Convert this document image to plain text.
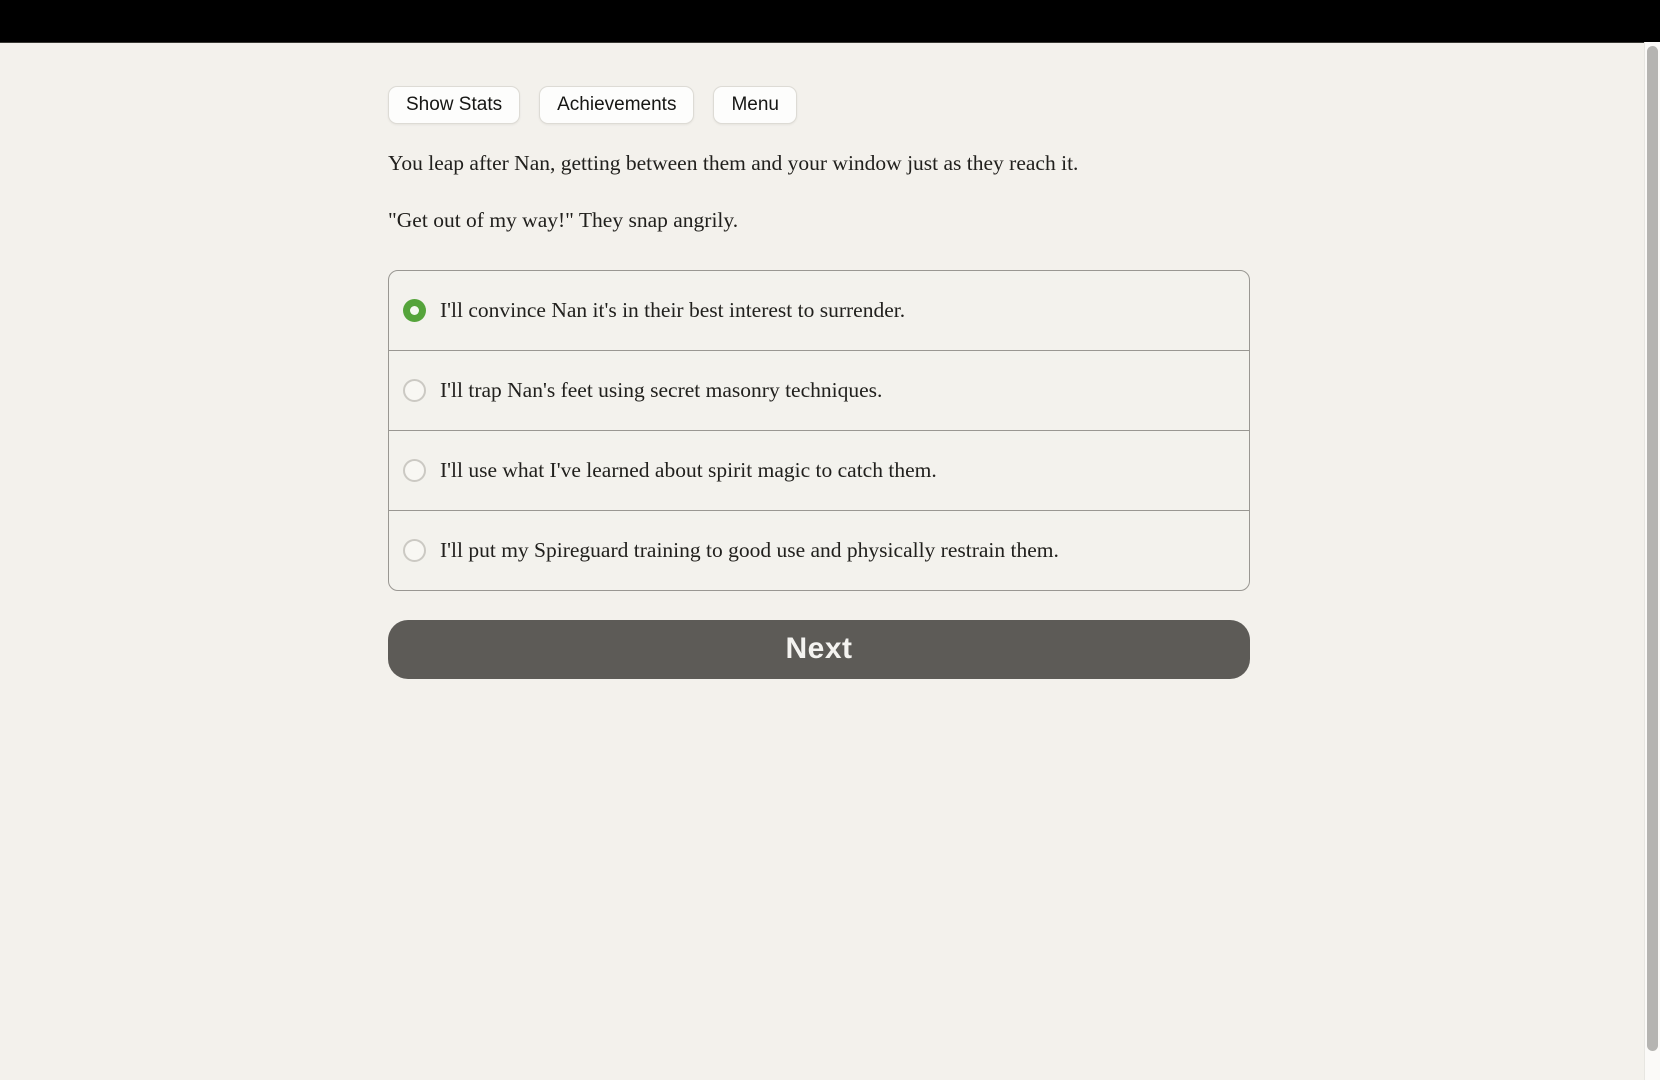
Show Stats	Achievements	Menu

You leap after Nan, getting between them and your window just as they reach it.

"Get out of my way!" They snap angrily.

I'll convince Nan it's in their best interest to surrender.
I'll trap Nan's feet using secret masonry techniques.
I'll use what I've learned about spirit magic to catch them.
I'll put my Spireguard training to good use and physically restrain them.
Next
